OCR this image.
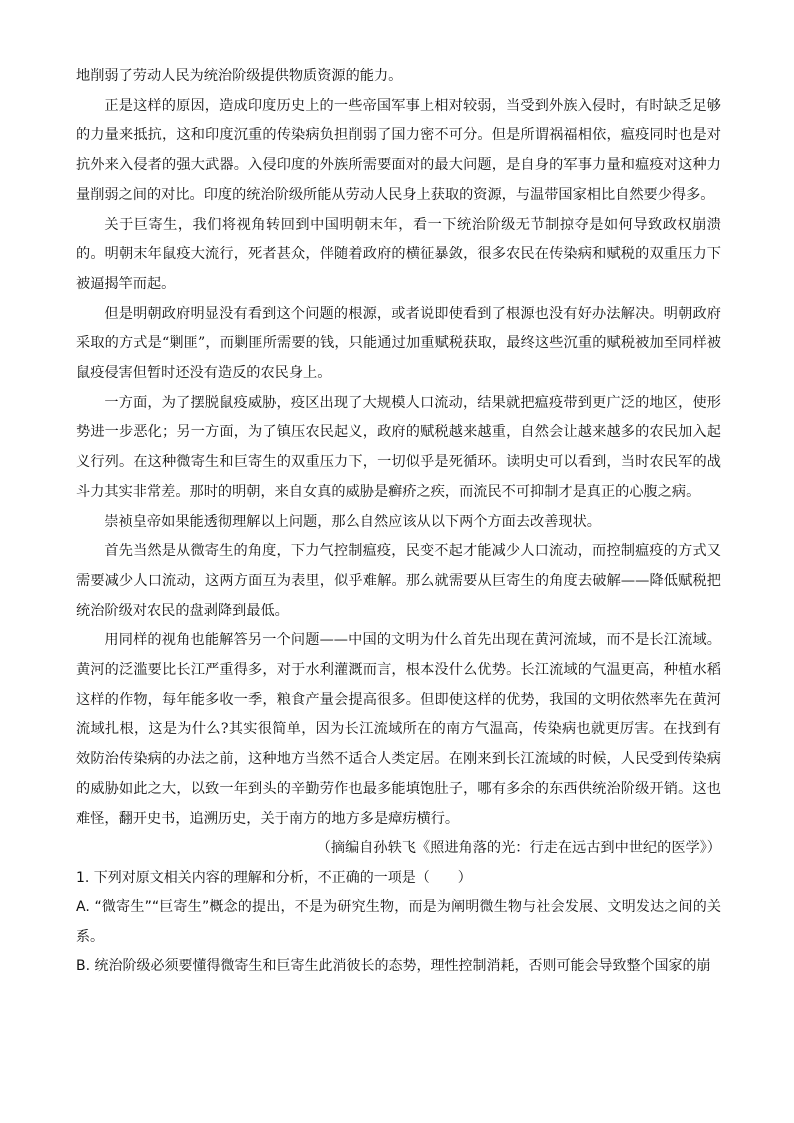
地削弱了劳动人民为统治阶级提供物质资源的能力。

正是这样的原因，造成印度历史上的一些帝国军事上相对较弱，当受到外族入侵时，有时缺乏足够的力量来抵抗，这和印度沉重的传染病负担削弱了国力密不可分。但是所谓祸福相依，瘟疫同时也是对抗外来入侵者的强大武器。入侵印度的外族所需要面对的最大问题，是自身的军事力量和瘟疫对这种力量削弱之间的对比。印度的统治阶级所能从劳动人民身上获取的资源，与温带国家相比自然要少得多。

关于巨寄生，我们将视角转回到中国明朝末年，看一下统治阶级无节制掠夺是如何导致政权崩溃的。明朝末年鼠疫大流行，死者甚众，伴随着政府的横征暴敛，很多农民在传染病和赋税的双重压力下被逼揭竿而起。

但是明朝政府明显没有看到这个问题的根源，或者说即使看到了根源也没有好办法解决。明朝政府采取的方式是“剿匪”，而剿匪所需要的钱，只能通过加重赋税获取，最终这些沉重的赋税被加至同样被鼠疫侵害但暂时还没有造反的农民身上。

一方面，为了摆脱鼠疫威胁，疫区出现了大规模人口流动，结果就把瘟疫带到更广泛的地区，使形势进一步恶化；另一方面，为了镇压农民起义，政府的赋税越来越重，自然会让越来越多的农民加入起义行列。在这种微寄生和巨寄生的双重压力下，一切似乎是死循环。读明史可以看到，当时农民军的战斗力其实非常差。那时的明朝，来自女真的威胁是癣疥之疾，而流民不可抑制才是真正的心腹之病。

崇祯皇帝如果能透彻理解以上问题，那么自然应该从以下两个方面去改善现状。

首先当然是从微寄生的角度，下力气控制瘟疫，民变不起才能减少人口流动，而控制瘟疫的方式又需要减少人口流动，这两方面互为表里，似乎难解。那么就需要从巨寄生的角度去破解——降低赋税把统治阶级对农民的盘剥降到最低。

用同样的视角也能解答另一个问题——中国的文明为什么首先出现在黄河流域，而不是长江流域。黄河的泛滥要比长江严重得多，对于水利灌溉而言，根本没什么优势。长江流域的气温更高，种植水稻这样的作物，每年能多收一季，粮食产量会提高很多。但即使这样的优势，我国的文明依然率先在黄河流域扎根，这是为什么?其实很简单，因为长江流域所在的南方气温高，传染病也就更厉害。在找到有效防治传染病的办法之前，这种地方当然不适合人类定居。在刚来到长江流域的时候，人民受到传染病的威胁如此之大，以致一年到头的辛勤劳作也最多能填饱肚子，哪有多余的东西供统治阶级开销。这也难怪，翻开史书，追溯历史，关于南方的地方多是瘴疠横行。

（摘编自孙轶飞《照进角落的光：行走在远古到中世纪的医学》）

1. 下列对原文相关内容的理解和分析，不正确的一项是（　　）

A. “微寄生”“巨寄生”概念的提出，不是为研究生物，而是为阐明微生物与社会发展、文明发达之间的关系。

B. 统治阶级必须要懂得微寄生和巨寄生此消彼长的态势，理性控制消耗，否则可能会导致整个国家的崩
